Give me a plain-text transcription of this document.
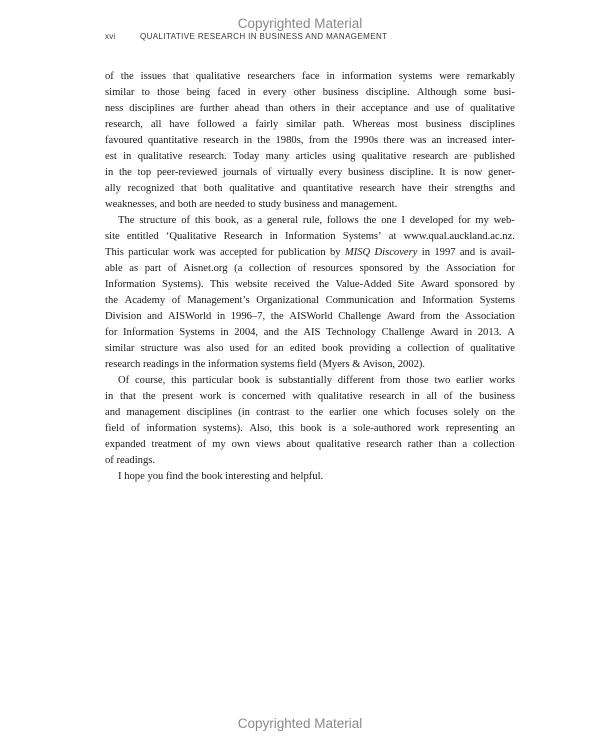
Copyrighted Material
xvi	QUALITATIVE RESEARCH IN BUSINESS AND MANAGEMENT
of the issues that qualitative researchers face in information systems were remarkably
similar to those being faced in every other business discipline. Although some busi-
ness disciplines are further ahead than others in their acceptance and use of qualitative
research, all have followed a fairly similar path. Whereas most business disciplines
favoured quantitative research in the 1980s, from the 1990s there was an increased inter-
est in qualitative research. Today many articles using qualitative research are published
in the top peer-reviewed journals of virtually every business discipline. It is now gener-
ally recognized that both qualitative and quantitative research have their strengths and
weaknesses, and both are needed to study business and management.
The structure of this book, as a general rule, follows the one I developed for my web-
site entitled ‘Qualitative Research in Information Systems’ at www.qual.auckland.ac.nz.
This particular work was accepted for publication by MISQ Discovery in 1997 and is avail-
able as part of Aisnet.org (a collection of resources sponsored by the Association for
Information Systems). This website received the Value-Added Site Award sponsored by
the Academy of Management’s Organizational Communication and Information Systems
Division and AISWorld in 1996–7, the AISWorld Challenge Award from the Association
for Information Systems in 2004, and the AIS Technology Challenge Award in 2013. A
similar structure was also used for an edited book providing a collection of qualitative
research readings in the information systems field (Myers & Avison, 2002).
Of course, this particular book is substantially different from those two earlier works
in that the present work is concerned with qualitative research in all of the business
and management disciplines (in contrast to the earlier one which focuses solely on the
field of information systems). Also, this book is a sole-authored work representing an
expanded treatment of my own views about qualitative research rather than a collection
of readings.
I hope you find the book interesting and helpful.
Copyrighted Material
